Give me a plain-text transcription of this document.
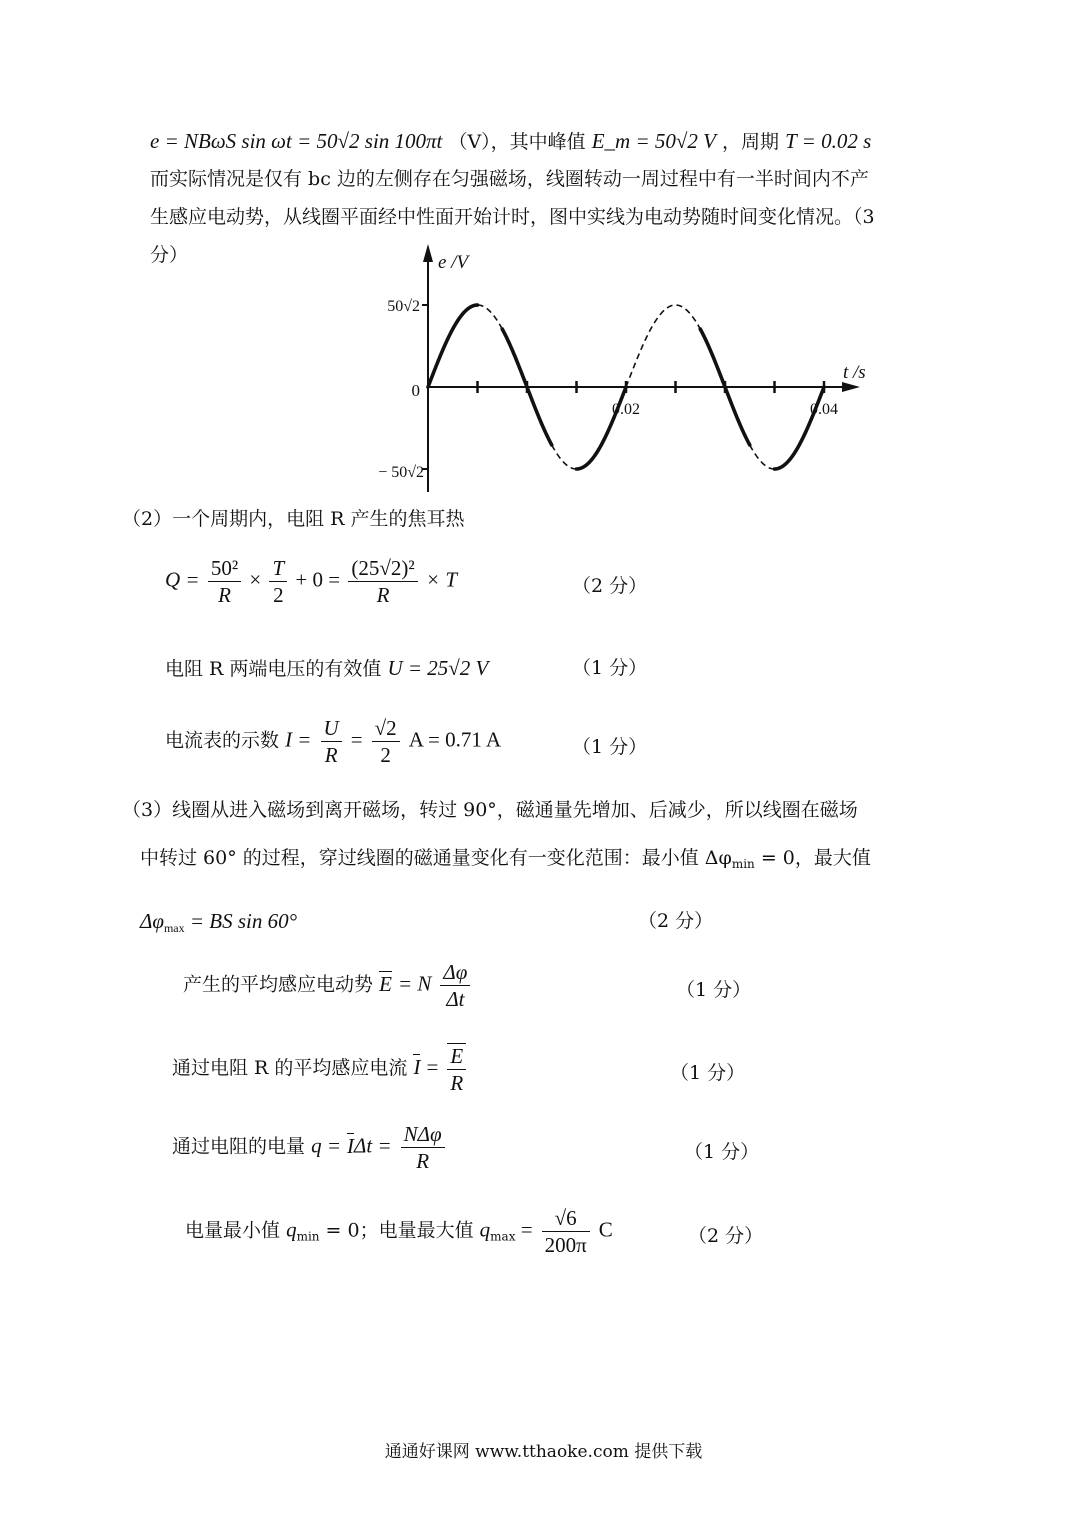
e = NBωS sin ωt = 50√2 sin 100πt （V），其中峰值 E_m = 50√2 V ，周期 T = 0.02 s
而实际情况是仅有 bc 边的左侧存在匀强磁场，线圈转动一周过程中有一半时间内不产
生感应电动势，从线圈平面经中性面开始计时，图中实线为电动势随时间变化情况。（3
分）	e /V
t /s
50√2
0
− 50√2
0.02	0.04
（2）一个周期内，电阻 R 产生的焦耳热
$Q = \frac{\text{50²}}{R} \times \frac{T}{2} + 0 = \frac{\text{(25√2)²}}{R} \times T$	（2 分）
电阻 R 两端电压的有效值 U = 25√2 V	（1 分）
电流表的示数 $I = \frac{U}{R} = \frac{√2}{2}$ A = 0.71 A	（1 分）
（3）线圈从进入磁场到离开磁场，转过 90°，磁通量先增加、后减少，所以线圈在磁场
中转过 60° 的过程，穿过线圈的磁通量变化有一变化范围：最小值 $\Delta\varphi_{min} = 0$，最大值
$\Delta\varphi_{max}$ = BS sin 60°	（2 分）
产生的平均感应电动势 E = N $\frac{\Delta\varphi}{\Delta t}$	（1 分）
通过电阻 R 的平均感应电流 $I = \frac{E}{R}$	（1 分）
通过电阻的电量 $q = I\Delta t = \frac{\text{NΔφ}}{R}$	（1 分）
电量最小值 $q_{min} = 0$；电量最大值 $q_{max} = \frac{√6}{200\pi}$ C	（2 分）
通通好课网 www.tthaoke.com 提供下载
